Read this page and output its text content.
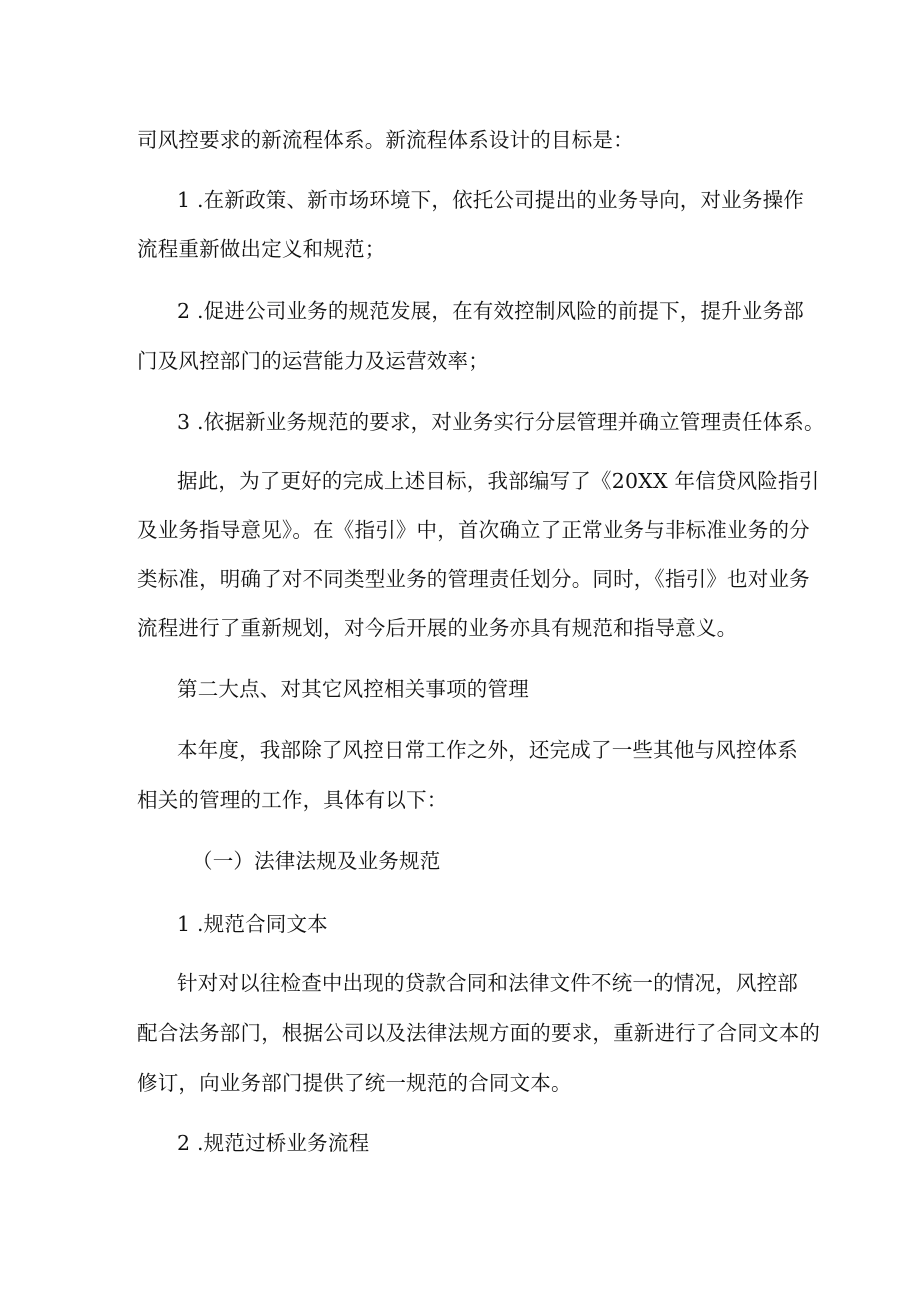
司风控要求的新流程体系。新流程体系设计的目标是：
1 .在新政策、新市场环境下，依托公司提出的业务导向，对业务操作
流程重新做出定义和规范；
2 .促进公司业务的规范发展，在有效控制风险的前提下，提升业务部
门及风控部门的运营能力及运营效率；
3 .依据新业务规范的要求，对业务实行分层管理并确立管理责任体系。
据此，为了更好的完成上述目标，我部编写了《20XX 年信贷风险指引
及业务指导意见》。在《指引》中，首次确立了正常业务与非标准业务的分
类标准，明确了对不同类型业务的管理责任划分。同时，《指引》也对业务
流程进行了重新规划，对今后开展的业务亦具有规范和指导意义。
第二大点、对其它风控相关事项的管理
本年度，我部除了风控日常工作之外，还完成了一些其他与风控体系
相关的管理的工作，具体有以下：
（一）法律法规及业务规范
1 .规范合同文本
针对对以往检查中出现的贷款合同和法律文件不统一的情况，风控部
配合法务部门，根据公司以及法律法规方面的要求，重新进行了合同文本的
修订，向业务部门提供了统一规范的合同文本。
2 .规范过桥业务流程
